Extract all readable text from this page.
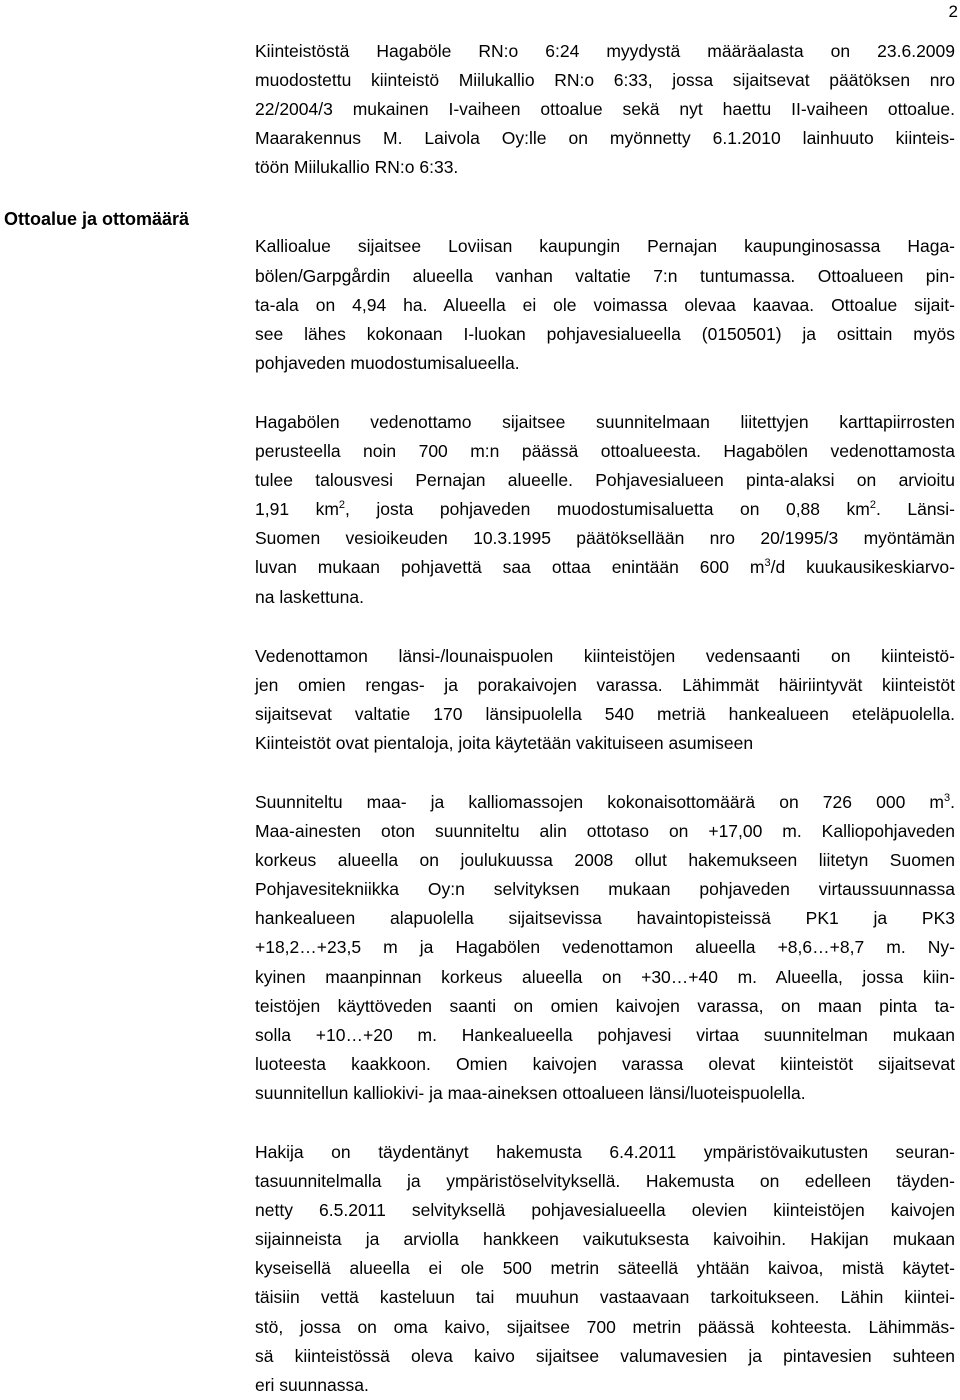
2
Ottoalue ja ottomäärä

Kiinteistöstä Hagaböle RN:o 6:24 myydystä määräalasta on 23.6.2009
muodostettu kiinteistö Miilukallio RN:o 6:33, jossa sijaitsevat päätöksen nro
22/2004/3 mukainen I-vaiheen ottoalue sekä nyt haettu II-vaiheen ottoalue.
Maarakennus M. Laivola Oy:lle on myönnetty 6.1.2010 lainhuuto kiinteis-
töön Miilukallio RN:o 6:33.

Kallioalue sijaitsee Loviisan kaupungin Pernajan kaupunginosassa Haga-
bölen/Garpgårdin alueella vanhan valtatie 7:n tuntumassa. Ottoalueen pin-
ta-ala on 4,94 ha. Alueella ei ole voimassa olevaa kaavaa. Ottoalue sijait-
see lähes kokonaan I-luokan pohjavesialueella (0150501) ja osittain myös
pohjaveden muodostumisalueella.

Hagabölen vedenottamo sijaitsee suunnitelmaan liitettyjen karttapiirrosten
perusteella noin 700 m:n päässä ottoalueesta. Hagabölen vedenottamosta
tulee talousvesi Pernajan alueelle. Pohjavesialueen pinta-alaksi on arvioitu
1,91 $km^2$, josta pohjaveden muodostumisaluetta on 0,88 $km^2$. Länsi-
Suomen vesioikeuden 10.3.1995 päätöksellään nro 20/1995/3 myöntämän
luvan mukaan pohjavettä saa ottaa enintään 600 $m^3/d$ kuukausikeskiarvo-
na laskettuna.

Vedenottamon länsi-/lounaispuolen kiinteistöjen vedensaanti on kiinteistö-
jen omien rengas- ja porakaivojen varassa. Lähimmät häiriintyvät kiinteistöt
sijaitsevat valtatie 170 länsipuolella 540 metriä hankealueen eteläpuolella.
Kiinteistöt ovat pientaloja, joita käytetään vakituiseen asumiseen

Suunniteltu maa- ja kalliomassojen kokonaisottomäärä on 726 000 $m^3$.
Maa-ainesten oton suunniteltu alin ottotaso on +17,00 m. Kalliopohjaveden
korkeus alueella on joulukuussa 2008 ollut hakemukseen liitetyn Suomen
Pohjavesitekniikka Oy:n selvityksen mukaan pohjaveden virtaussuunnassa
hankealueen alapuolella sijaitsevissa havaintopisteissä PK1 ja PK3
+18,2…+23,5 m ja Hagabölen vedenottamon alueella +8,6…+8,7 m. Ny-
kyinen maanpinnan korkeus alueella on +30…+40 m. Alueella, jossa kiin-
teistöjen käyttöveden saanti on omien kaivojen varassa, on maan pinta ta-
solla +10…+20 m. Hankealueella pohjavesi virtaa suunnitelman mukaan
luoteesta kaakkoon. Omien kaivojen varassa olevat kiinteistöt sijaitsevat
suunnitellun kalliokivi- ja maa-aineksen ottoalueen länsi/luoteispuolella.

Hakija on täydentänyt hakemusta 6.4.2011 ympäristövaikutusten seuran-
tasuunnitelmalla ja ympäristöselvityksellä. Hakemusta on edelleen täyden-
netty 6.5.2011 selvityksellä pohjavesialueella olevien kiinteistöjen kaivojen
sijainneista ja arviolla hankkeen vaikutuksesta kaivoihin. Hakijan mukaan
kyseisellä alueella ei ole 500 metrin säteellä yhtään kaivoa, mistä käytet-
täisiin vettä kasteluun tai muuhun vastaavaan tarkoitukseen. Lähin kiintei-
stö, jossa on oma kaivo, sijaitsee 700 metrin päässä kohteesta. Lähimmäs-
sä kiinteistössä oleva kaivo sijaitsee valumavesien ja pintavesien suhteen
eri suunnassa.
